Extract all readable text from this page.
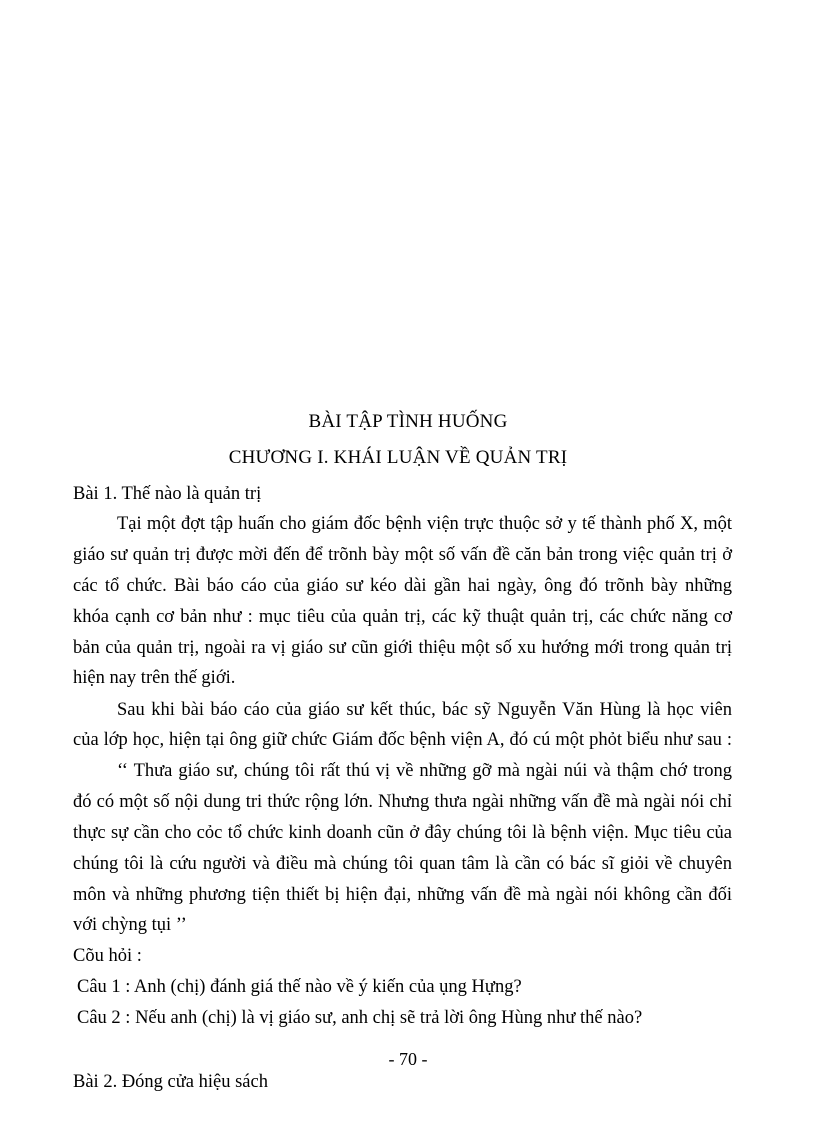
BÀI TẬP TÌNH HUỐNG
CHƯƠNG I. KHÁI LUẬN VỀ QUẢN TRỊ
Bài 1. Thế nào là quản trị
Tại một đợt tập huấn cho giám đốc bệnh viện trực thuộc sở y tế thành phố X, một
giáo sư quản trị được mời đến để trõnh bày một số vấn đề căn bản trong việc quản trị ở
các tổ chức. Bài báo cáo của giáo sư kéo dài gần hai ngày, ông đó trõnh bày những
khóa cạnh cơ bản như : mục tiêu của quản trị, các kỹ thuật quản trị, các chức năng cơ
bản của quản trị, ngoài ra vị giáo sư cũn giới thiệu một số xu hướng mới trong quản trị
hiện nay trên thế giới.
Sau khi bài báo cáo của giáo sư kết thúc, bác sỹ Nguyễn Văn Hùng là học viên
của lớp học, hiện tại ông giữ chức Giám đốc bệnh viện A, đó cú một phỏt biểu như sau :
‘‘ Thưa giáo sư, chúng tôi rất thú vị về những gỡ mà ngài núi và thậm chớ trong
đó có một số nội dung tri thức rộng lớn. Nhưng thưa ngài những vấn đề mà ngài nói chỉ
thực sự cần cho cỏc tổ chức kinh doanh cũn ở đây chúng tôi là bệnh viện. Mục tiêu của
chúng tôi là cứu người và điều mà chúng tôi quan tâm là cần có bác sĩ giỏi về chuyên
môn và những phương tiện thiết bị hiện đại, những vấn đề mà ngài nói không cần đối
với chỳng tụi ’’
Cõu hỏi :
Câu 1 : Anh (chị) đánh giá thế nào về ý kiến của ụng Hựng?
Câu 2 : Nếu anh (chị) là vị giáo sư, anh chị sẽ trả lời ông Hùng như thế nào?
Bài 2. Đóng cửa hiệu sách
- 70 -
